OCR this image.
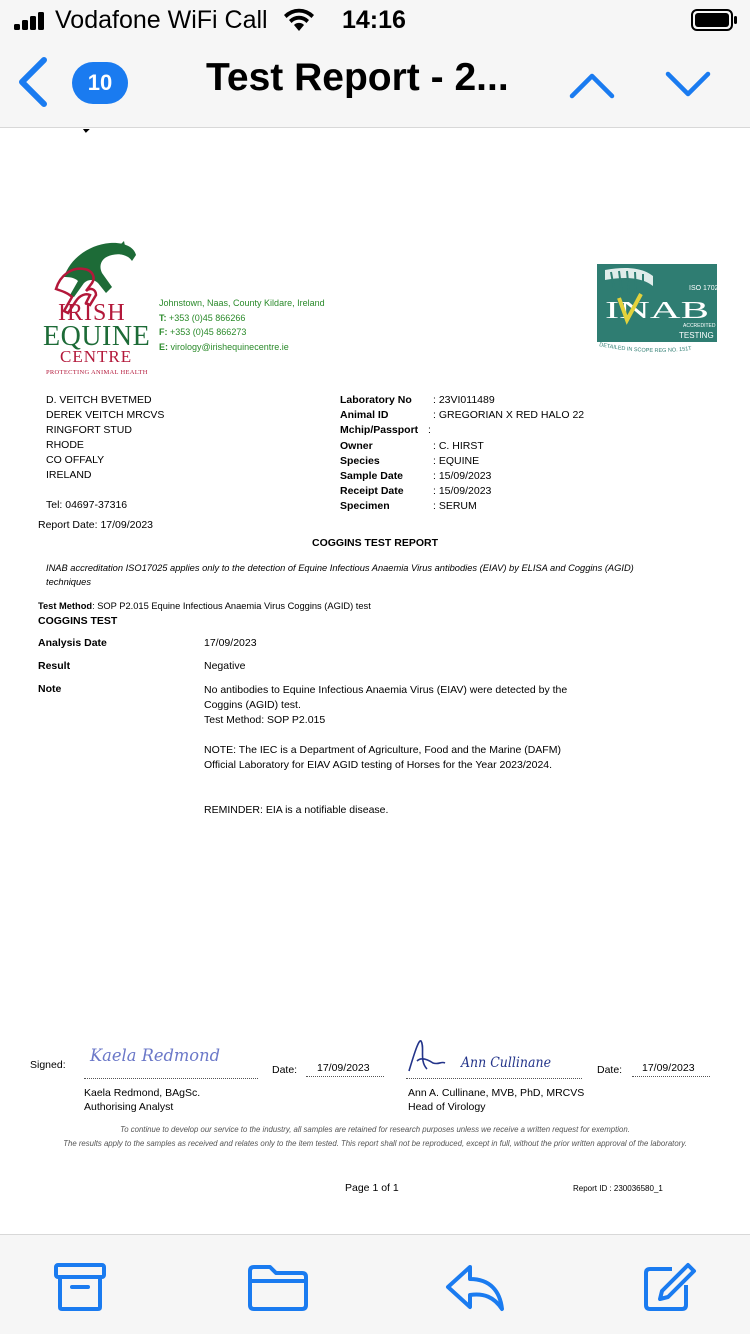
Vodafone WiFi Call	14:16
10	Test Report - 2...
IRISH
EQUINE
CENTRE
PROTECTING ANIMAL HEALTH
Johnstown, Naas, County Kildare, Ireland
T: +353 (0)45 866266
F: +353 (0)45 866273
E: virology@irishequinecentre.ie
ISO 1702
INAB
ACCREDITED
TESTING
DETAILED IN SCOPE REG NO. 151T
D. VEITCH BVETMED
DEREK VEITCH MRCVS
RINGFORT STUD
RHODE
CO OFFALY
IRELAND
Tel: 04697-37316
Report Date: 17/09/2023
Laboratory No	: 23VI011489
Animal ID	: GREGORIAN X RED HALO 22
Mchip/Passport :
Owner	: C. HIRST
Species	: EQUINE
Sample Date	: 15/09/2023
Receipt Date	: 15/09/2023
Specimen	: SERUM
COGGINS TEST REPORT
INAB accreditation ISO17025 applies only to the detection of Equine Infectious Anaemia Virus antibodies (EIAV) by ELISA and Coggins (AGID) techniques
Test Method: SOP P2.015 Equine Infectious Anaemia Virus Coggins (AGID) test
COGGINS TEST
Analysis Date	17/09/2023
Result	Negative
Note	No antibodies to Equine Infectious Anaemia Virus (EIAV) were detected by the Coggins (AGID) test.
Test Method: SOP P2.015
NOTE: The IEC is a Department of Agriculture, Food and the Marine (DAFM) Official Laboratory for EIAV AGID testing of Horses for the Year 2023/2024.
REMINDER: EIA is a notifiable disease.
Signed: Kaela Redmond
Date: 17/09/2023
Kaela Redmond, BAgSc.
Authorising Analyst
Ann Cullinane	Date: 17/09/2023
Ann A. Cullinane, MVB, PhD, MRCVS
Head of Virology
To continue to develop our service to the industry, all samples are retained for research purposes unless we receive a written request for exemption.
The results apply to the samples as received and relates only to the item tested. This report shall not be reproduced, except in full, without the prior written approval of the laboratory.
Page 1 of 1	Report ID : 230036580_1
